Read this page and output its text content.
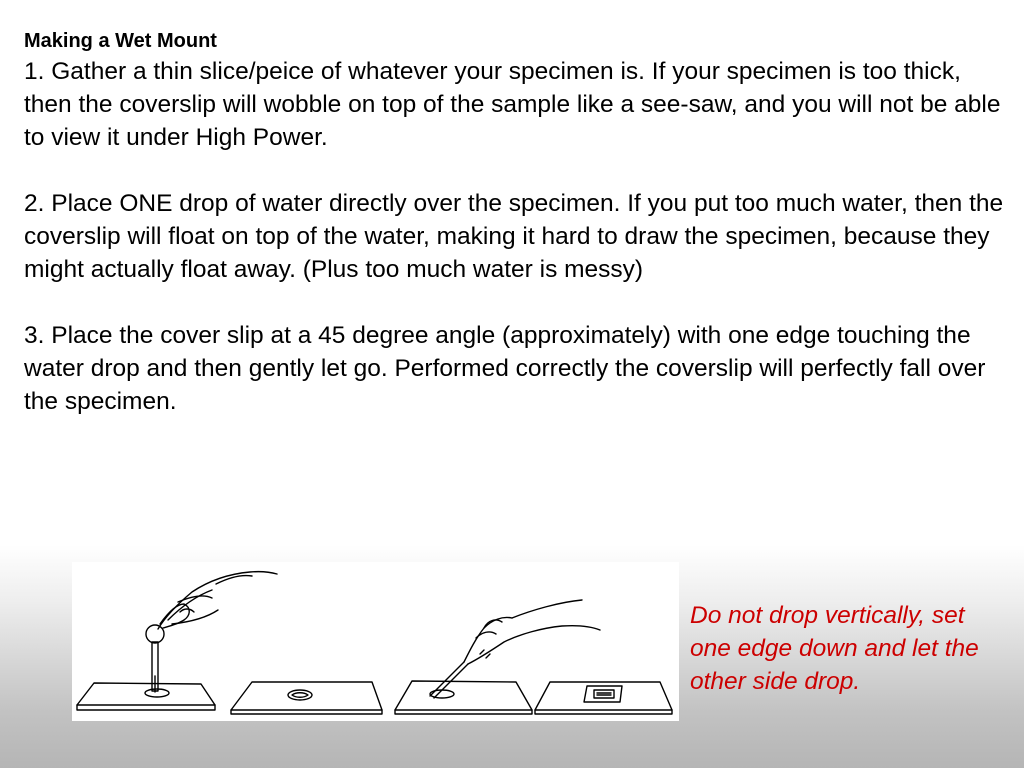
Making a Wet Mount

1. Gather a thin slice/peice of whatever your specimen is. If your specimen is too thick, then the coverslip will wobble on top of the sample like a see-saw, and you will not be able to view it under High Power.

2. Place ONE drop of water directly over the specimen. If you put too much water, then the coverslip will float on top of the water, making it hard to draw the specimen, because they might actually float away. (Plus too much water is messy)

3. Place the cover slip at a 45 degree angle (approximately) with one edge touching the water drop and then gently let go. Performed correctly the coverslip will perfectly fall over the specimen.

Do not drop vertically, set one edge down and let the other side drop.
